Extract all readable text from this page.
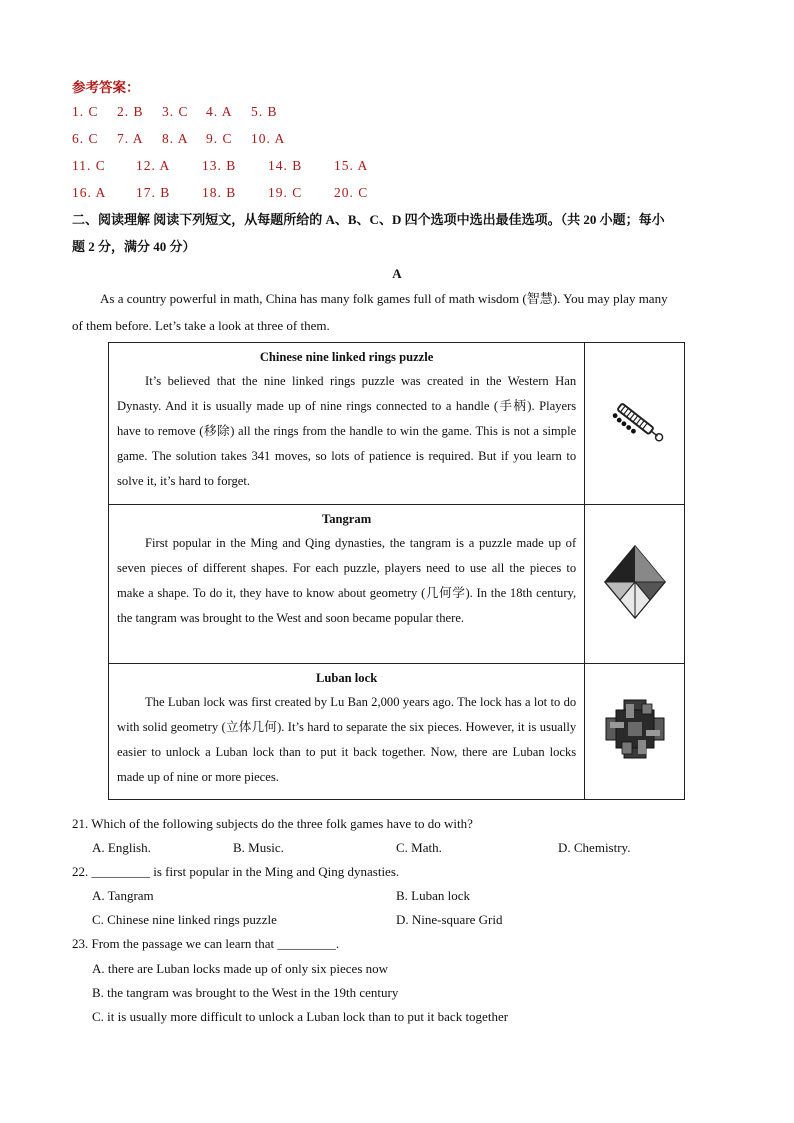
参考答案：
1. C 2. B 3. C 4. A 5. B
6. C 7. A 8. A 9. C 10. A
11. C 12. A 13. B 14. B 15. A
16. A 17. B 18. B 19. C 20. C
二、阅读理解 阅读下列短文，从每题所给的 A、B、C、D 四个选项中选出最佳选项。（共 20 小题；每小
题 2 分，满分 40 分）
A
As a country powerful in math, China has many folk games full of math wisdom (智慧). You may play many
of them before. Let’s take a look at three of them.
Chinese nine linked rings puzzle
It’s believed that the nine linked rings puzzle was created in the Western Han Dynasty. And it is usually made up of nine rings connected to a handle (手柄). Players have to remove (移除) all the rings from the handle to win the game. This is not a simple game. The solution takes 341 moves, so lots of patience is required. But if you learn to solve it, it’s hard to forget.

Tangram
First popular in the Ming and Qing dynasties, the tangram is a puzzle made up of seven pieces of different shapes. For each puzzle, players need to use all the pieces to make a shape. To do it, they have to know about geometry (几何学). In the 18th century, the tangram was brought to the West and soon became popular there.

Luban lock
The Luban lock was first created by Lu Ban 2,000 years ago. The lock has a lot to do with solid geometry (立体几何). It’s hard to separate the six pieces. However, it is usually easier to unlock a Luban lock than to put it back together. Now, there are Luban locks made up of nine or more pieces.

21. Which of the following subjects do the three folk games have to do with?
A. English.	B. Music.	C. Math.	D. Chemistry.
22. _________ is first popular in the Ming and Qing dynasties.
A. Tangram	B. Luban lock
C. Chinese nine linked rings puzzle	D. Nine-square Grid
23. From the passage we can learn that _________.
A. there are Luban locks made up of only six pieces now
B. the tangram was brought to the West in the 19th century
C. it is usually more difficult to unlock a Luban lock than to put it back together
